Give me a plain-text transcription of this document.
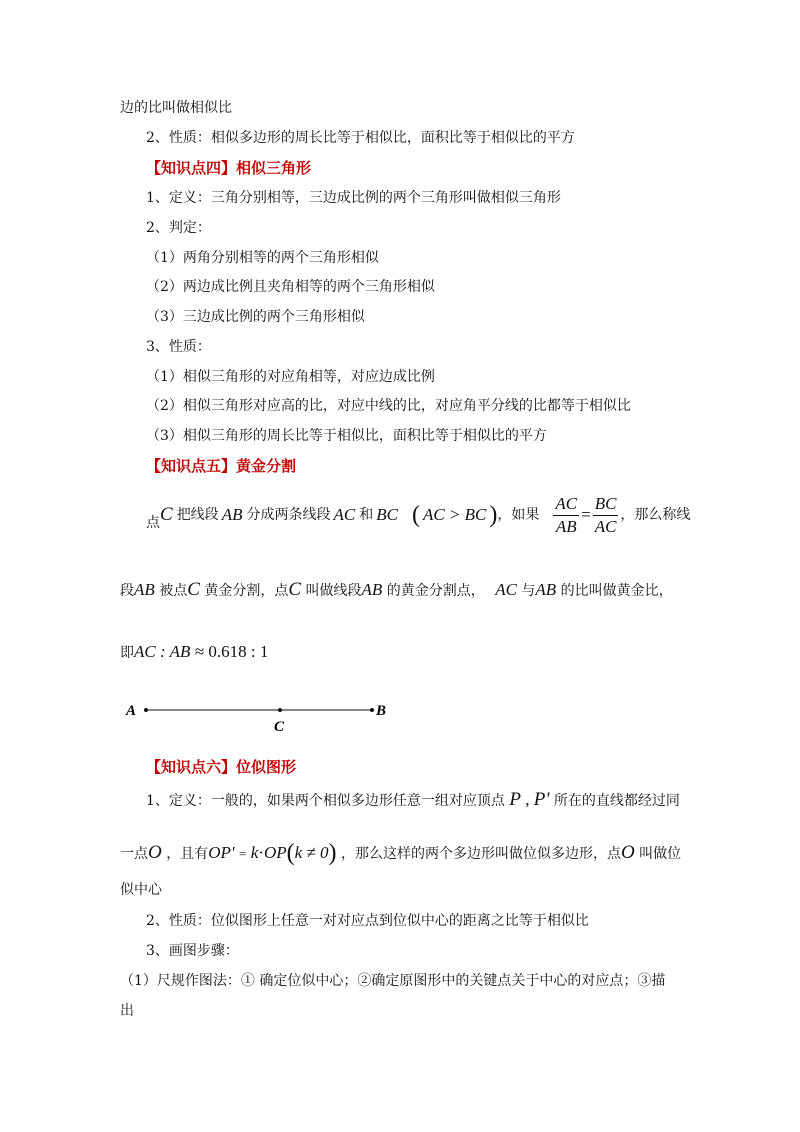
边的比叫做相似比
2、性质：相似多边形的周长比等于相似比，面积比等于相似比的平方
【知识点四】相似三角形
1、定义：三角分别相等，三边成比例的两个三角形叫做相似三角形
2、判定：
（1）两角分别相等的两个三角形相似
（2）两边成比例且夹角相等的两个三角形相似
（3）三边成比例的两个三角形相似
3、性质：
（1）相似三角形的对应角相等，对应边成比例
（2）相似三角形对应高的比，对应中线的比，对应角平分线的比都等于相似比
（3）相似三角形的周长比等于相似比，面积比等于相似比的平方
【知识点五】黄金分割
点 C 把线段 AB 分成两条线段 AC 和 BC ( AC > BC ) ，如果 $\frac{AC}{AB} = \frac{BC}{AC}$ ，那么称线
段AB 被点C 黄金分割，点C 叫做线段AB 的黄金分割点， AC 与AB 的比叫做黄金比，
即AC : AB ≈ 0.618 : 1
A
C
B
【知识点六】位似图形
1、定义：一般的，如果两个相似多边形任意一组对应顶点 P , P' 所在的直线都经过同
一点O ，且有OP' = k·OP(k ≠ 0) ，那么这样的两个多边形叫做位似多边形，点O 叫做位
似中心
2、性质：位似图形上任意一对对应点到位似中心的距离之比等于相似比
3、画图步骤：
（1）尺规作图法：① 确定位似中心；②确定原图形中的关键点关于中心的对应点；③描
出
